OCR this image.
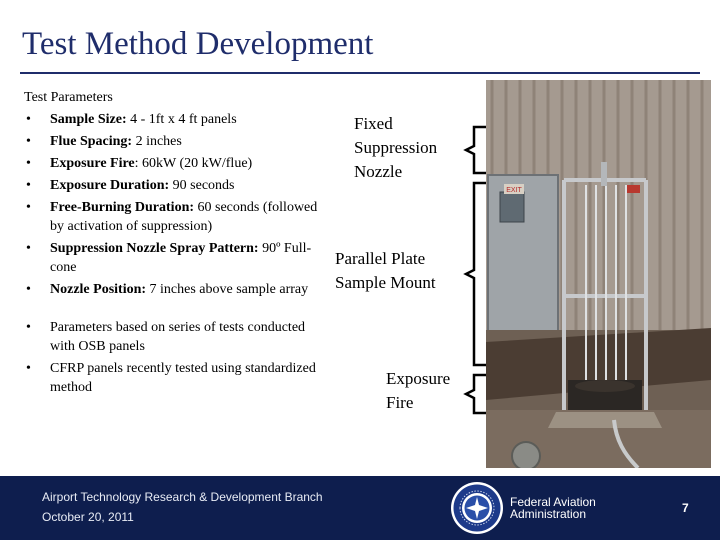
Test Method Development
Test Parameters
• Sample Size: 4 - 1ft x 4 ft panels
• Flue Spacing: 2 inches
• Exposure Fire: 60kW (20 kW/flue)
• Exposure Duration: 90 seconds
• Free-Burning Duration: 60 seconds (followed by activation of suppression)
• Suppression Nozzle Spray Pattern: 90º Full-cone
• Nozzle Position: 7 inches above sample array
• Parameters based on series of tests conducted with OSB panels
• CFRP panels recently tested using standardized method
EXIT
Fixed
Suppression
Nozzle
Parallel Plate
Sample Mount
Exposure
Fire
Airport Technology Research & Development Branch
October 20, 2011
Federal Aviation
Administration	7
